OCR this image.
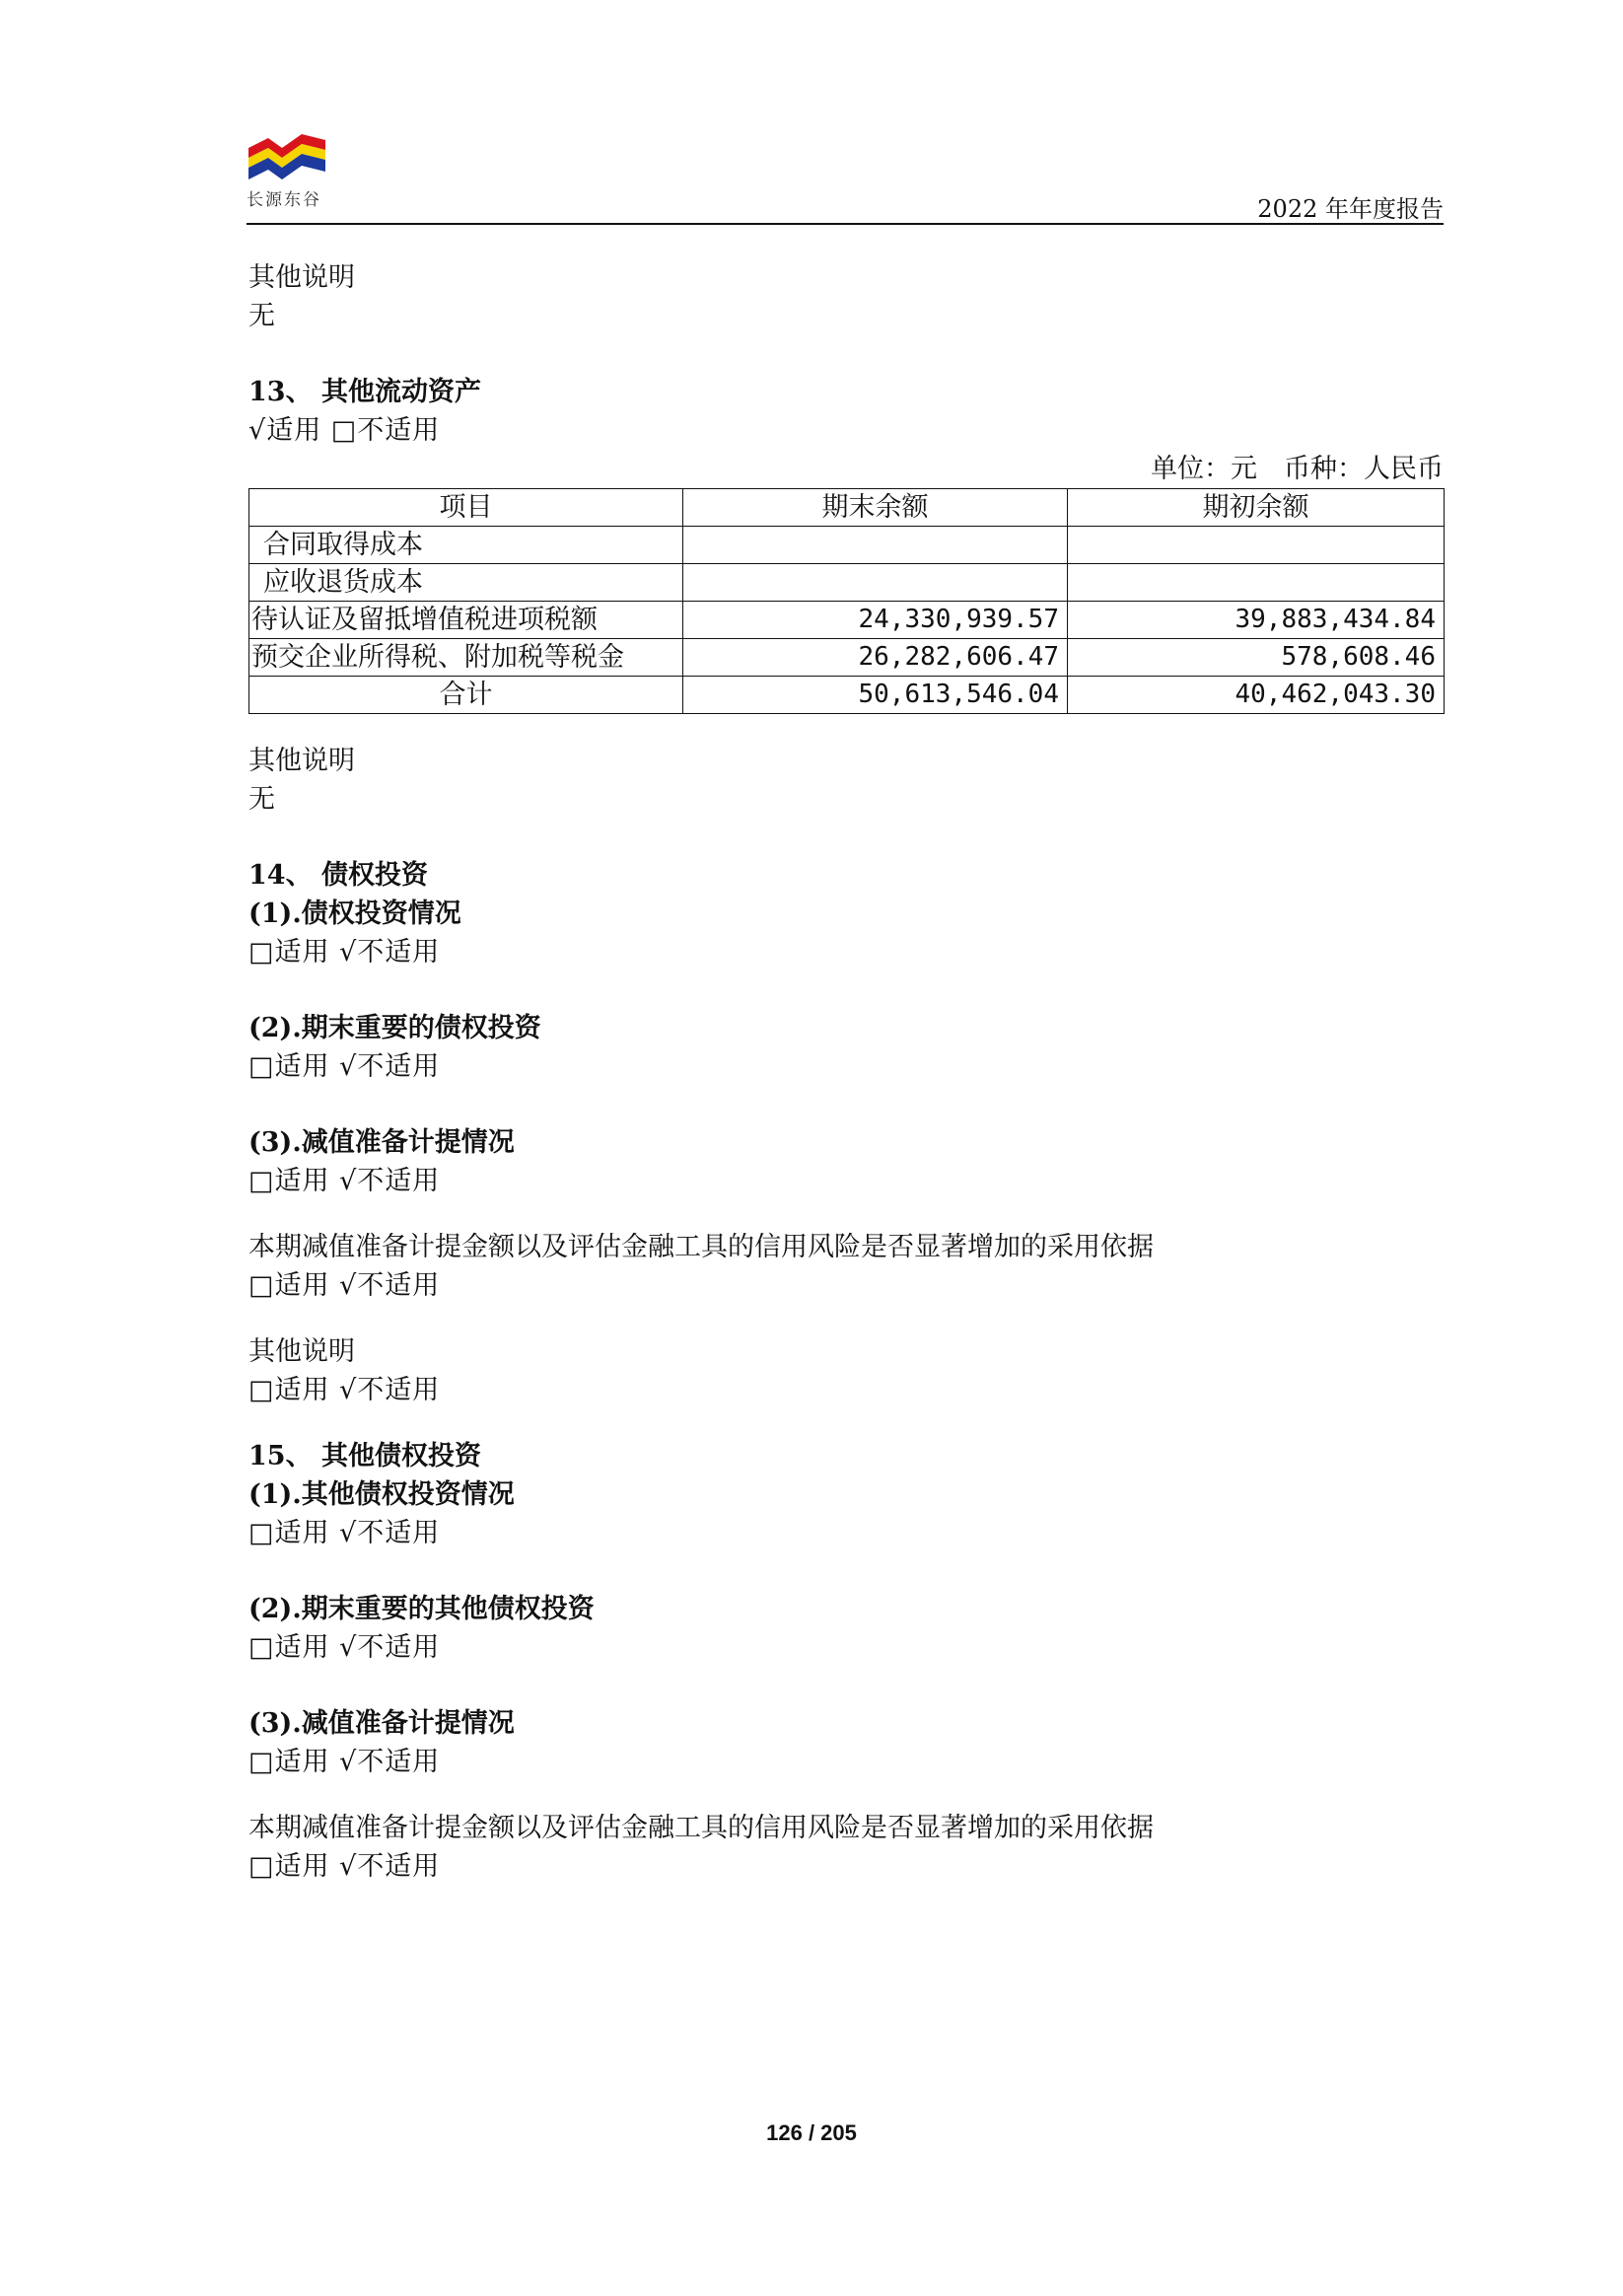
长源东谷	2022 年年度报告
其他说明
无
13、 其他流动资产
√适用 □不适用
单位：元　币种：人民币
项目	期末余额	期初余额
合同取得成本		
应收退货成本		
待认证及留抵增值税进项税额	24,330,939.57	39,883,434.84
预交企业所得税、附加税等税金	26,282,606.47	578,608.46
合计	50,613,546.04	40,462,043.30
其他说明
无
14、 债权投资
(1).债权投资情况
□适用 √不适用
(2).期末重要的债权投资
□适用 √不适用
(3).减值准备计提情况
□适用 √不适用
本期减值准备计提金额以及评估金融工具的信用风险是否显著增加的采用依据
□适用 √不适用
其他说明
□适用 √不适用
15、 其他债权投资
(1).其他债权投资情况
□适用 √不适用
(2).期末重要的其他债权投资
□适用 √不适用
(3).减值准备计提情况
□适用 √不适用
本期减值准备计提金额以及评估金融工具的信用风险是否显著增加的采用依据
□适用 √不适用
126 / 205
